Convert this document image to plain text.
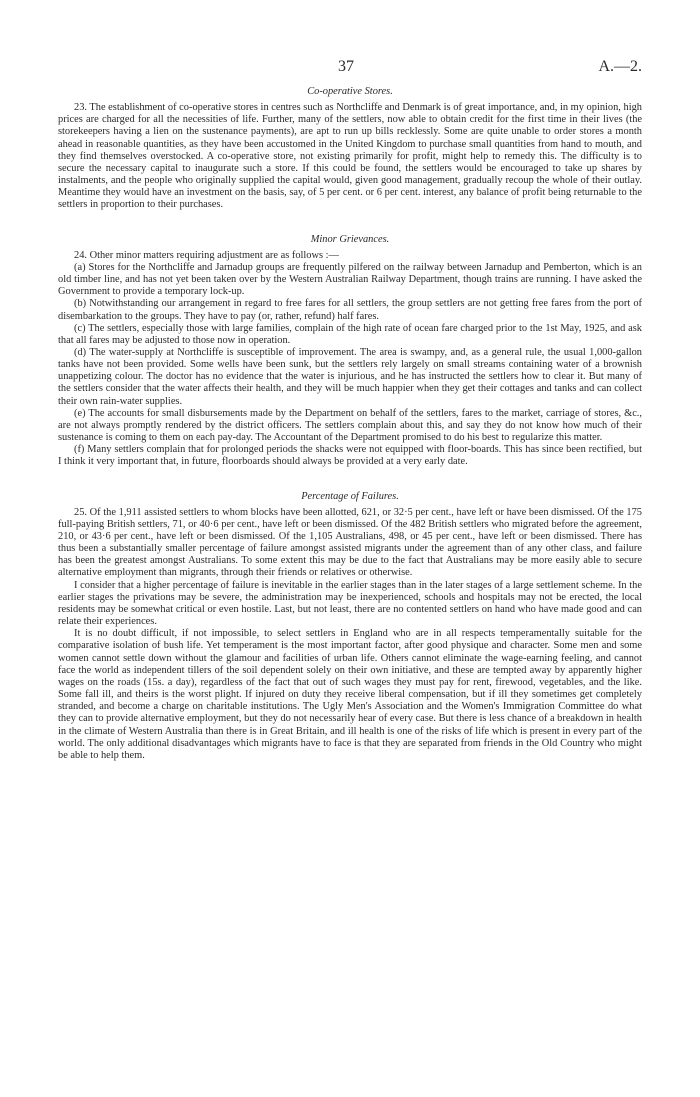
37	A.—2.

Co-operative Stores.

23. The establishment of co-operative stores in centres such as Northcliffe and Denmark is of great importance, and, in my opinion, high prices are charged for all the necessities of life. Further, many of the settlers, now able to obtain credit for the first time in their lives (the storekeepers having a lien on the sustenance payments), are apt to run up bills recklessly. Some are quite unable to order stores a month ahead in reasonable quantities, as they have been accustomed in the United Kingdom to purchase small quantities from hand to mouth, and they find themselves overstocked. A co-operative store, not existing primarily for profit, might help to remedy this. The difficulty is to secure the necessary capital to inaugurate such a store. If this could be found, the settlers would be encouraged to take up shares by instalments, and the people who originally supplied the capital would, given good management, gradually recoup the whole of their outlay. Meantime they would have an investment on the basis, say, of 5 per cent. or 6 per cent. interest, any balance of profit being returnable to the settlers in proportion to their purchases.

Minor Grievances.

24. Other minor matters requiring adjustment are as follows :—

(a) Stores for the Northcliffe and Jarnadup groups are frequently pilfered on the railway between Jarnadup and Pemberton, which is an old timber line, and has not yet been taken over by the Western Australian Railway Department, though trains are running. I have asked the Government to provide a temporary lock-up.

(b) Notwithstanding our arrangement in regard to free fares for all settlers, the group settlers are not getting free fares from the port of disembarkation to the groups. They have to pay (or, rather, refund) half fares.

(c) The settlers, especially those with large families, complain of the high rate of ocean fare charged prior to the 1st May, 1925, and ask that all fares may be adjusted to those now in operation.

(d) The water-supply at Northcliffe is susceptible of improvement. The area is swampy, and, as a general rule, the usual 1,000-gallon tanks have not been provided. Some wells have been sunk, but the settlers rely largely on small streams containing water of a brownish unappetizing colour. The doctor has no evidence that the water is injurious, and he has instructed the settlers how to clear it. But many of the settlers consider that the water affects their health, and they will be much happier when they get their cottages and tanks and can collect their own rain-water supplies.

(e) The accounts for small disbursements made by the Department on behalf of the settlers, fares to the market, carriage of stores, &c., are not always promptly rendered by the district officers. The settlers complain about this, and say they do not know how much of their sustenance is coming to them on each pay-day. The Accountant of the Department promised to do his best to regularize this matter.

(f) Many settlers complain that for prolonged periods the shacks were not equipped with floor-boards. This has since been rectified, but I think it very important that, in future, floorboards should always be provided at a very early date.

Percentage of Failures.

25. Of the 1,911 assisted settlers to whom blocks have been allotted, 621, or 32·5 per cent., have left or have been dismissed. Of the 175 full-paying British settlers, 71, or 40·6 per cent., have left or been dismissed. Of the 482 British settlers who migrated before the agreement, 210, or 43·6 per cent., have left or been dismissed. Of the 1,105 Australians, 498, or 45 per cent., have left or been dismissed. There has thus been a substantially smaller percentage of failure amongst assisted migrants under the agreement than of any other class, and failure has been the greatest amongst Australians. To some extent this may be due to the fact that Australians may be more easily able to secure alternative employment than migrants, through their friends or relatives or otherwise.

I consider that a higher percentage of failure is inevitable in the earlier stages than in the later stages of a large settlement scheme. In the earlier stages the privations may be severe, the administration may be inexperienced, schools and hospitals may not be erected, the local residents may be somewhat critical or even hostile. Last, but not least, there are no contented settlers on hand who have made good and can relate their experiences.

It is no doubt difficult, if not impossible, to select settlers in England who are in all respects temperamentally suitable for the comparative isolation of bush life. Yet temperament is the most important factor, after good physique and character. Some men and some women cannot settle down without the glamour and facilities of urban life. Others cannot eliminate the wage-earning feeling, and cannot face the world as independent tillers of the soil dependent solely on their own initiative, and these are tempted away by apparently higher wages on the roads (15s. a day), regardless of the fact that out of such wages they must pay for rent, firewood, vegetables, and the like. Some fall ill, and theirs is the worst plight. If injured on duty they receive liberal compensation, but if ill they sometimes get completely stranded, and become a charge on charitable institutions. The Ugly Men's Association and the Women's Immigration Committee do what they can to provide alternative employment, but they do not necessarily hear of every case. But there is less chance of a breakdown in health in the climate of Western Australia than there is in Great Britain, and ill health is one of the risks of life which is present in every part of the world. The only additional disadvantages which migrants have to face is that they are separated from friends in the Old Country who might be able to help them.
